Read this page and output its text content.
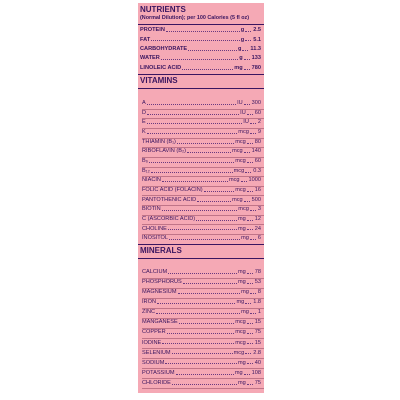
NUTRIENTS
(Normal Dilution); per 100 Calories (5 fl oz)
PROTEIN	g 2.5
FAT	g 5.1
CARBOHYDRATE	g 11.3
WATER	g 133
LINOLEIC ACID	mg 780
VITAMINS
A	IU 300
D	IU 60
E	IU 2
K	mcg 9
THIAMIN (B₁)	mcg 80
RIBOFLAVIN (B₂)	mcg 140
B₆	mcg 60
B₁₂	mcg 0.3
NIACIN	mcg 1000
FOLIC ACID (FOLACIN)	mcg 16
PANTOTHENIC ACID	mcg 500
BIOTIN	mcg 3
C (ASCORBIC ACID)	mg 12
CHOLINE	mg 24
INOSITOL	mg 6
MINERALS
CALCIUM	mg 78
PHOSPHORUS	mg 53
MAGNESIUM	mg 8
IRON	mg 1.8
ZINC	mg 1
MANGANESE	mcg 15
COPPER	mcg 75
IODINE	mcg 15
SELENIUM	mcg 2.8
SODIUM	mg 40
POTASSIUM	mg 108
CHLORIDE	mg 75
